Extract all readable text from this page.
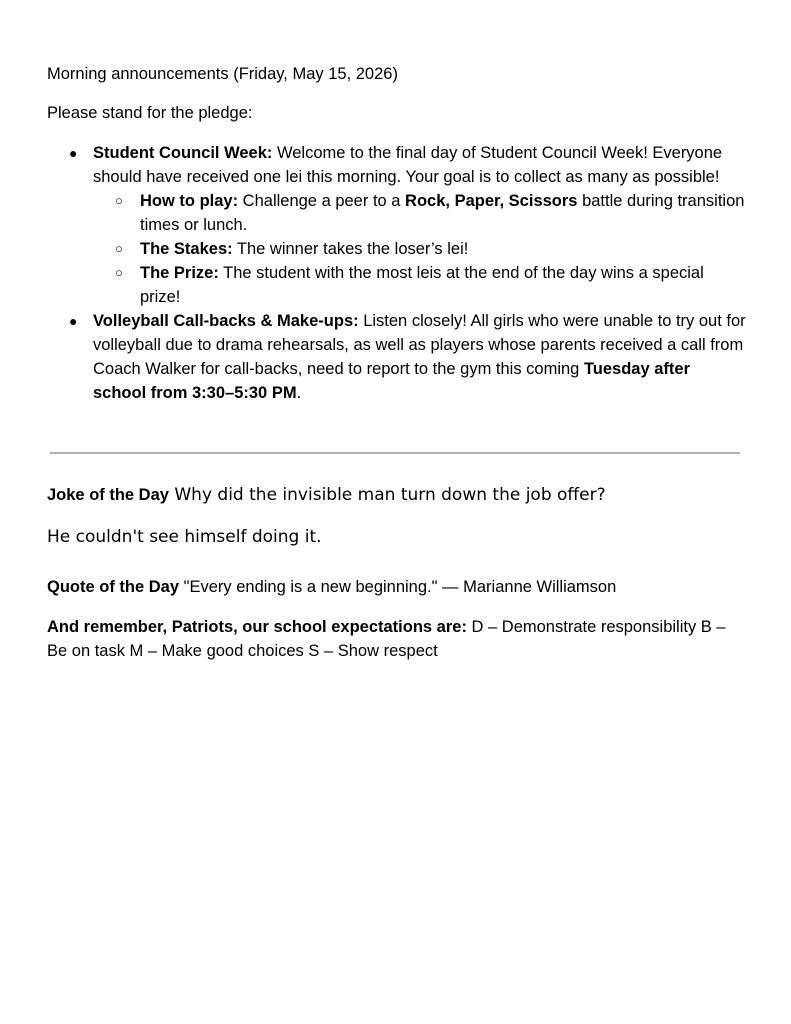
Morning announcements (Friday, May 15, 2026)

Please stand for the pledge:

● Student Council Week: Welcome to the final day of Student Council Week! Everyone should have received one lei this morning. Your goal is to collect as many as possible!
○ How to play: Challenge a peer to a Rock, Paper, Scissors battle during transition times or lunch.
○ The Stakes: The winner takes the loser’s lei!
○ The Prize: The student with the most leis at the end of the day wins a special prize!
● Volleyball Call-backs & Make-ups: Listen closely! All girls who were unable to try out for volleyball due to drama rehearsals, as well as players whose parents received a call from Coach Walker for call-backs, need to report to the gym this coming Tuesday after school from 3:30–5:30 PM.

Joke of the Day Why did the invisible man turn down the job offer?

He couldn't see himself doing it.

Quote of the Day "Every ending is a new beginning." — Marianne Williamson

And remember, Patriots, our school expectations are: D – Demonstrate responsibility B – Be on task M – Make good choices S – Show respect
